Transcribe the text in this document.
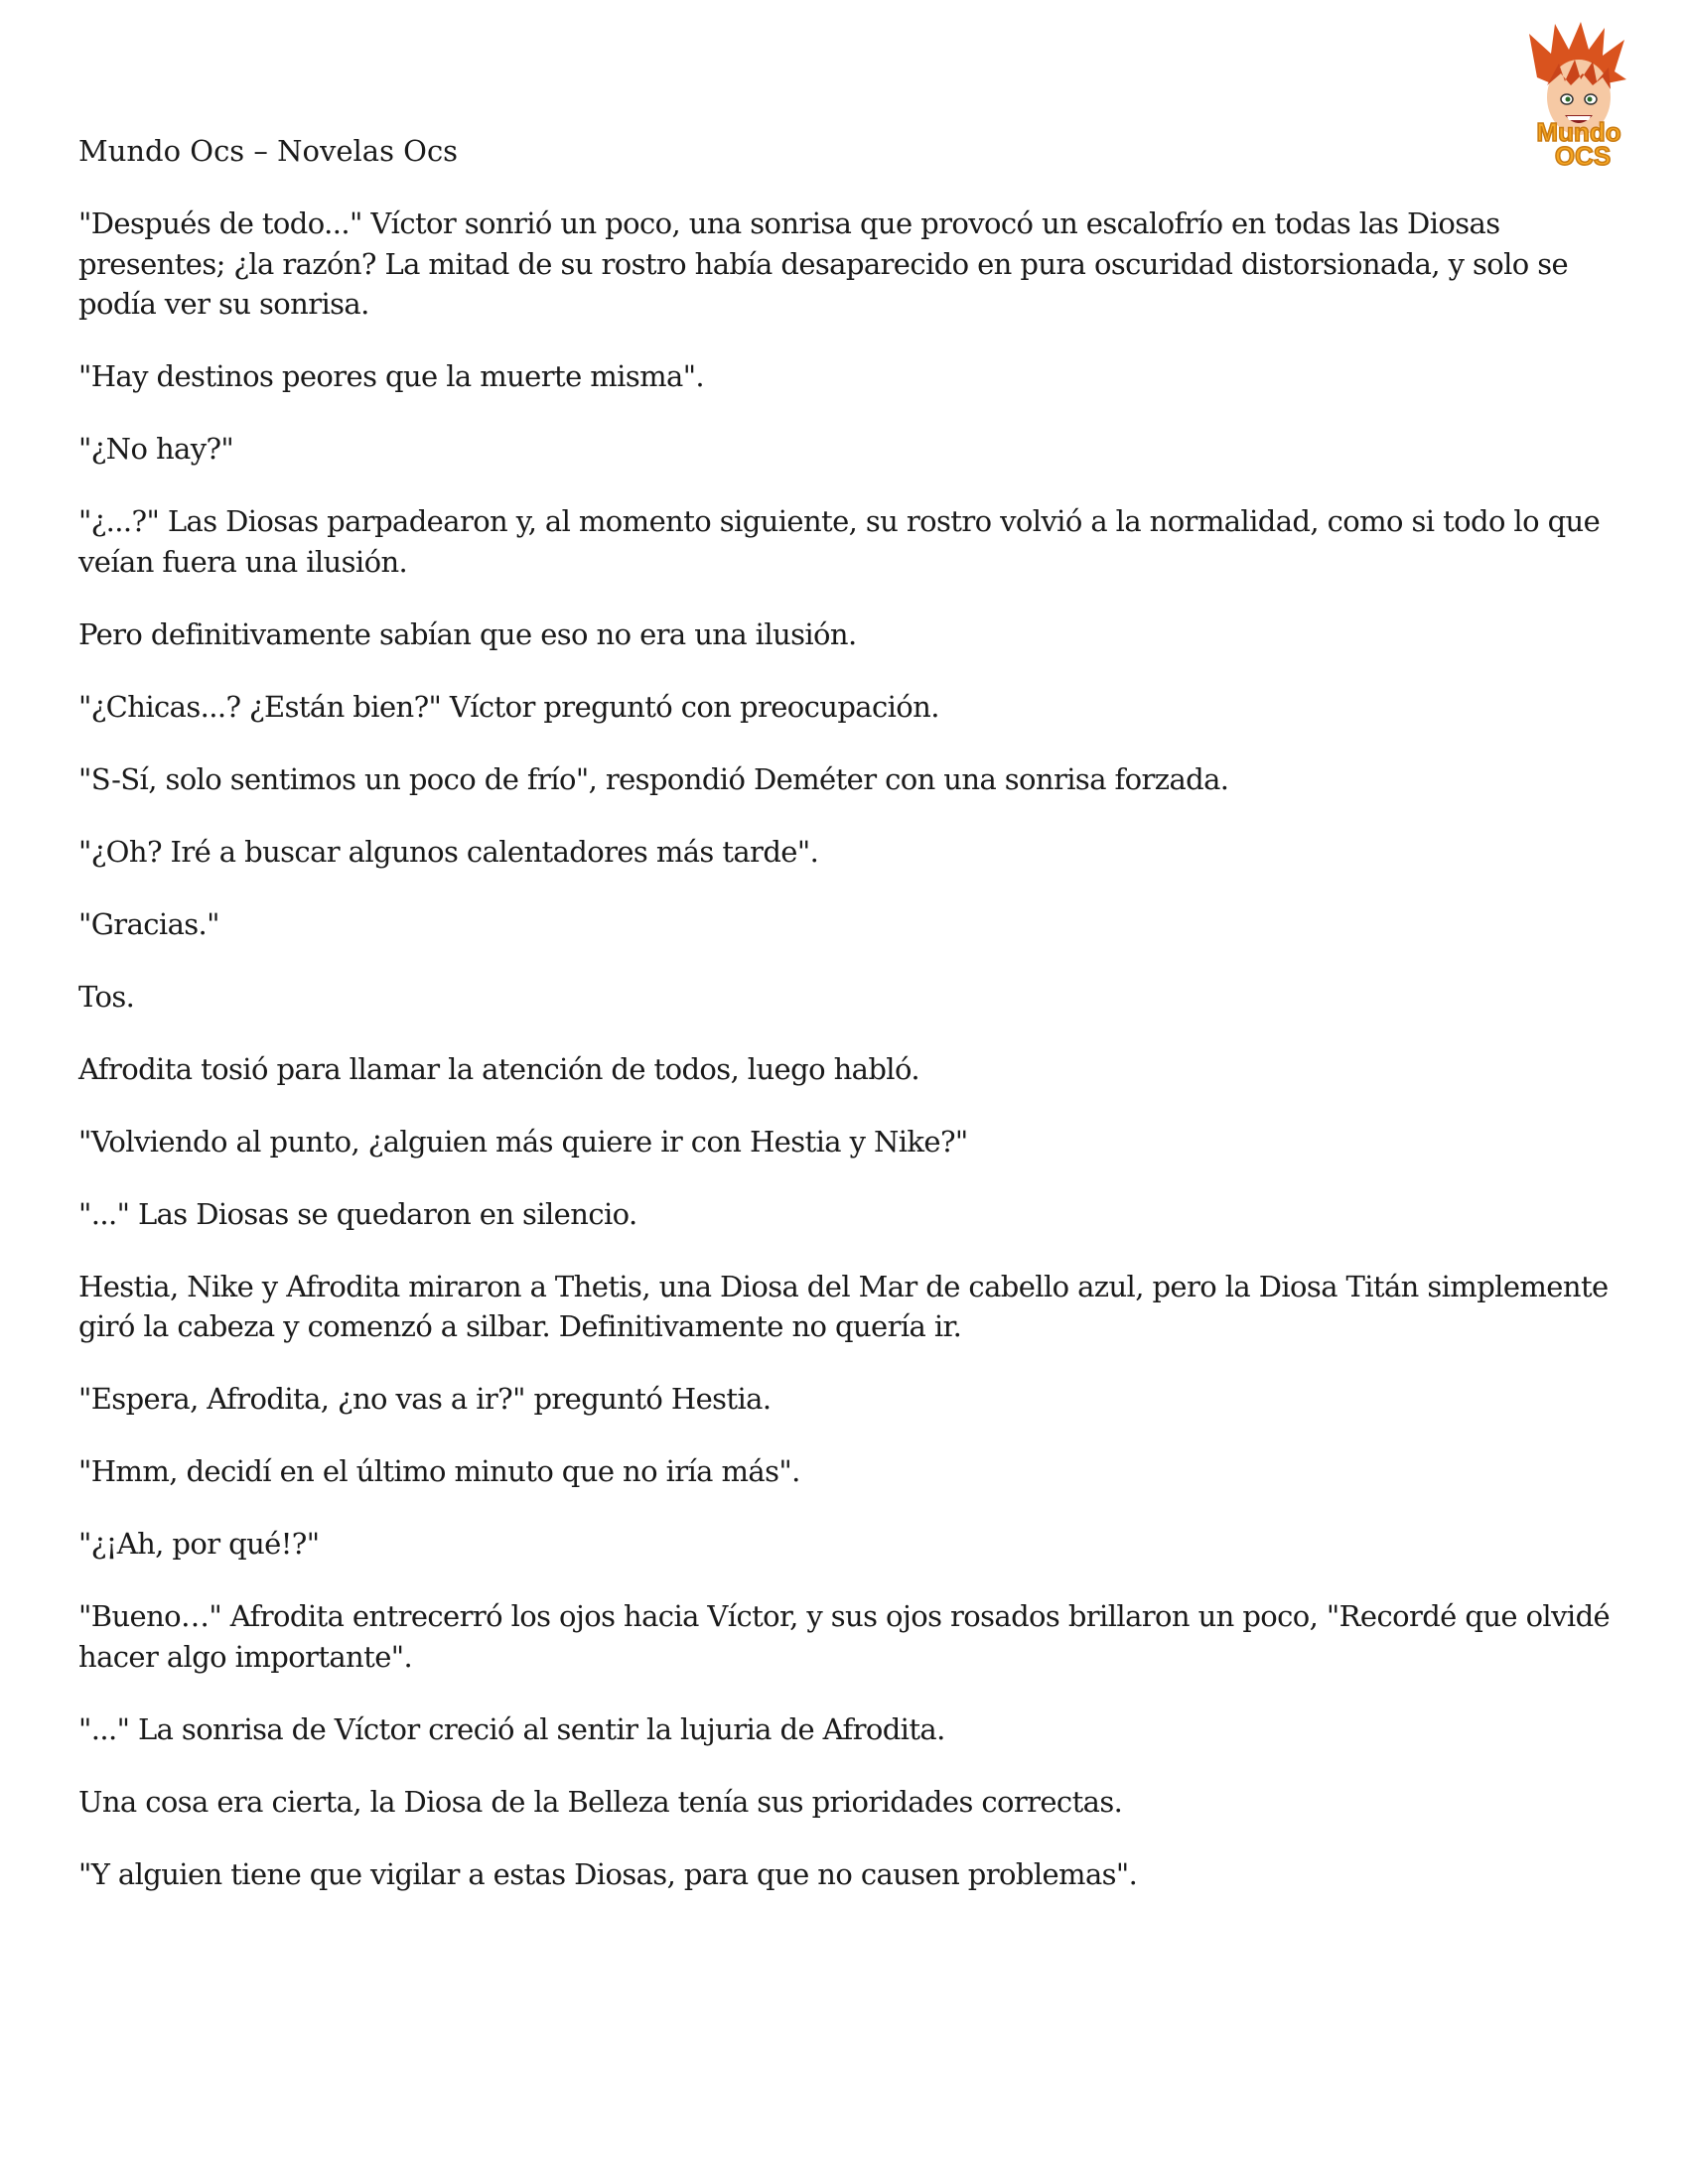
Mundo
OCS
Mundo Ocs – Novelas Ocs

"Después de todo..." Víctor sonrió un poco, una sonrisa que provocó un escalofrío en todas las Diosas presentes; ¿la razón? La mitad de su rostro había desaparecido en pura oscuridad distorsionada, y solo se podía ver su sonrisa.

"Hay destinos peores que la muerte misma".

"¿No hay?"

"¿...?" Las Diosas parpadearon y, al momento siguiente, su rostro volvió a la normalidad, como si todo lo que veían fuera una ilusión.

Pero definitivamente sabían que eso no era una ilusión.

"¿Chicas...? ¿Están bien?" Víctor preguntó con preocupación.

"S-Sí, solo sentimos un poco de frío", respondió Deméter con una sonrisa forzada.

"¿Oh? Iré a buscar algunos calentadores más tarde".

"Gracias."

Tos.

Afrodita tosió para llamar la atención de todos, luego habló.

"Volviendo al punto, ¿alguien más quiere ir con Hestia y Nike?"

"..." Las Diosas se quedaron en silencio.

Hestia, Nike y Afrodita miraron a Thetis, una Diosa del Mar de cabello azul, pero la Diosa Titán simplemente giró la cabeza y comenzó a silbar. Definitivamente no quería ir.

"Espera, Afrodita, ¿no vas a ir?" preguntó Hestia.

"Hmm, decidí en el último minuto que no iría más".

"¿¡Ah, por qué!?"

"Bueno…" Afrodita entrecerró los ojos hacia Víctor, y sus ojos rosados brillaron un poco, "Recordé que olvidé hacer algo importante".

"..." La sonrisa de Víctor creció al sentir la lujuria de Afrodita.

Una cosa era cierta, la Diosa de la Belleza tenía sus prioridades correctas.

"Y alguien tiene que vigilar a estas Diosas, para que no causen problemas".
